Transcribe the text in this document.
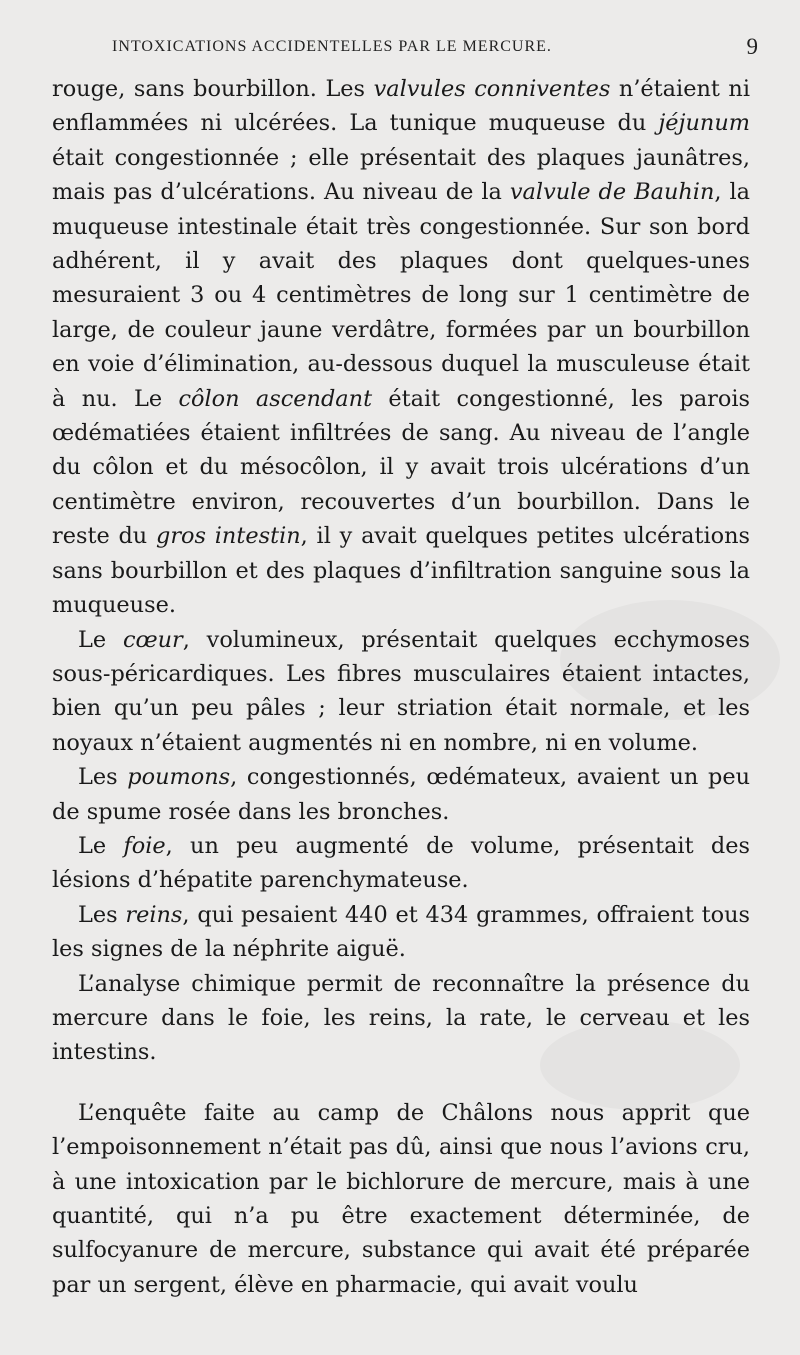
INTOXICATIONS ACCIDENTELLES PAR LE MERCURE.	9

rouge, sans bourbillon. Les valvules conniventes n’étaient ni enflammées ni ulcérées. La tunique muqueuse du jéjunum était congestionnée ; elle présentait des plaques jaunâtres, mais pas d’ulcérations. Au niveau de la valvule de Bauhin, la muqueuse intestinale était très congestionnée. Sur son bord adhérent, il y avait des plaques dont quelques-unes mesuraient 3 ou 4 centimètres de long sur 1 centimètre de large, de couleur jaune verdâtre, formées par un bourbillon en voie d’élimination, au-dessous duquel la musculeuse était à nu. Le côlon ascendant était congestionné, les parois œdématiées étaient infiltrées de sang. Au niveau de l’angle du côlon et du mésocôlon, il y avait trois ulcérations d’un centimètre environ, recouvertes d’un bourbillon. Dans le reste du gros intestin, il y avait quelques petites ulcérations sans bourbillon et des plaques d’infiltration sanguine sous la muqueuse.

Le cœur, volumineux, présentait quelques ecchymoses sous-péricardiques. Les fibres musculaires étaient intactes, bien qu’un peu pâles ; leur striation était normale, et les noyaux n’étaient augmentés ni en nombre, ni en volume.

Les poumons, congestionnés, œdémateux, avaient un peu de spume rosée dans les bronches.

Le foie, un peu augmenté de volume, présentait des lésions d’hépatite parenchymateuse.

Les reins, qui pesaient 440 et 434 grammes, offraient tous les signes de la néphrite aiguë.

L’analyse chimique permit de reconnaître la présence du mercure dans le foie, les reins, la rate, le cerveau et les intestins.

L’enquête faite au camp de Châlons nous apprit que l’empoisonnement n’était pas dû, ainsi que nous l’avions cru, à une intoxication par le bichlorure de mercure, mais à une quantité, qui n’a pu être exactement déterminée, de sulfocyanure de mercure, substance qui avait été préparée par un sergent, élève en pharmacie, qui avait voulu
